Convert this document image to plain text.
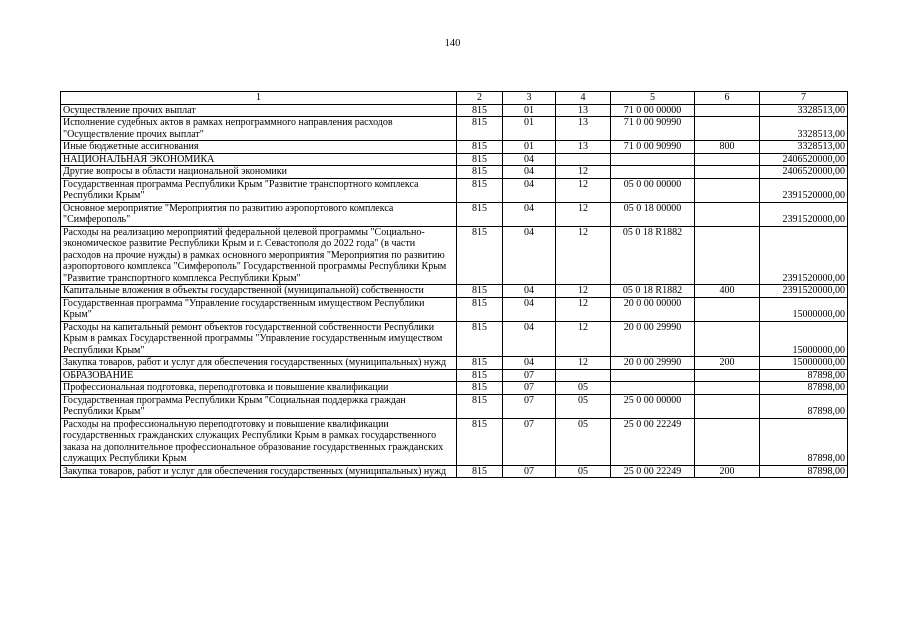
140
1	2	3	4	5	6	7
Осуществление прочих выплат	815	01	13	71 0 00 00000		3328513,00
Исполнение судебных актов в рамках непрограммного направления расходов "Осуществление прочих выплат"	815	01	13	71 0 00 90990		3328513,00
Иные бюджетные ассигнования	815	01	13	71 0 00 90990	800	3328513,00
НАЦИОНАЛЬНАЯ ЭКОНОМИКА	815	04				2406520000,00
Другие вопросы в области национальной экономики	815	04	12			2406520000,00
Государственная программа Республики Крым "Развитие транспортного комплекса Республики Крым"	815	04	12	05 0 00 00000		2391520000,00
Основное мероприятие "Мероприятия по развитию аэропортового комплекса "Симферополь"	815	04	12	05 0 18 00000		2391520000,00
Расходы на реализацию мероприятий федеральной целевой программы "Социально-экономическое развитие Республики Крым и г. Севастополя до 2022 года" (в части расходов на прочие нужды) в рамках основного мероприятия "Мероприятия по развитию аэропортового комплекса "Симферополь" Государственной программы Республики Крым "Развитие транспортного комплекса Республики Крым"	815	04	12	05 0 18 R1882		2391520000,00
Капитальные вложения в объекты государственной (муниципальной) собственности	815	04	12	05 0 18 R1882	400	2391520000,00
Государственная программа "Управление государственным имуществом Республики Крым"	815	04	12	20 0 00 00000		15000000,00
Расходы на капитальный ремонт объектов государственной собственности Республики Крым в рамках Государственной программы "Управление государственным имуществом Республики Крым"	815	04	12	20 0 00 29990		15000000,00
Закупка товаров, работ и услуг для обеспечения государственных (муниципальных) нужд	815	04	12	20 0 00 29990	200	15000000,00
ОБРАЗОВАНИЕ	815	07				87898,00
Профессиональная подготовка, переподготовка и повышение квалификации	815	07	05			87898,00
Государственная программа Республики Крым "Социальная поддержка граждан Республики Крым"	815	07	05	25 0 00 00000		87898,00
Расходы на профессиональную переподготовку и повышение квалификации государственных гражданских служащих Республики Крым в рамках государственного заказа на дополнительное профессиональное образование государственных гражданских служащих Республики Крым	815	07	05	25 0 00 22249		87898,00
Закупка товаров, работ и услуг для обеспечения государственных (муниципальных) нужд	815	07	05	25 0 00 22249	200	87898,00
